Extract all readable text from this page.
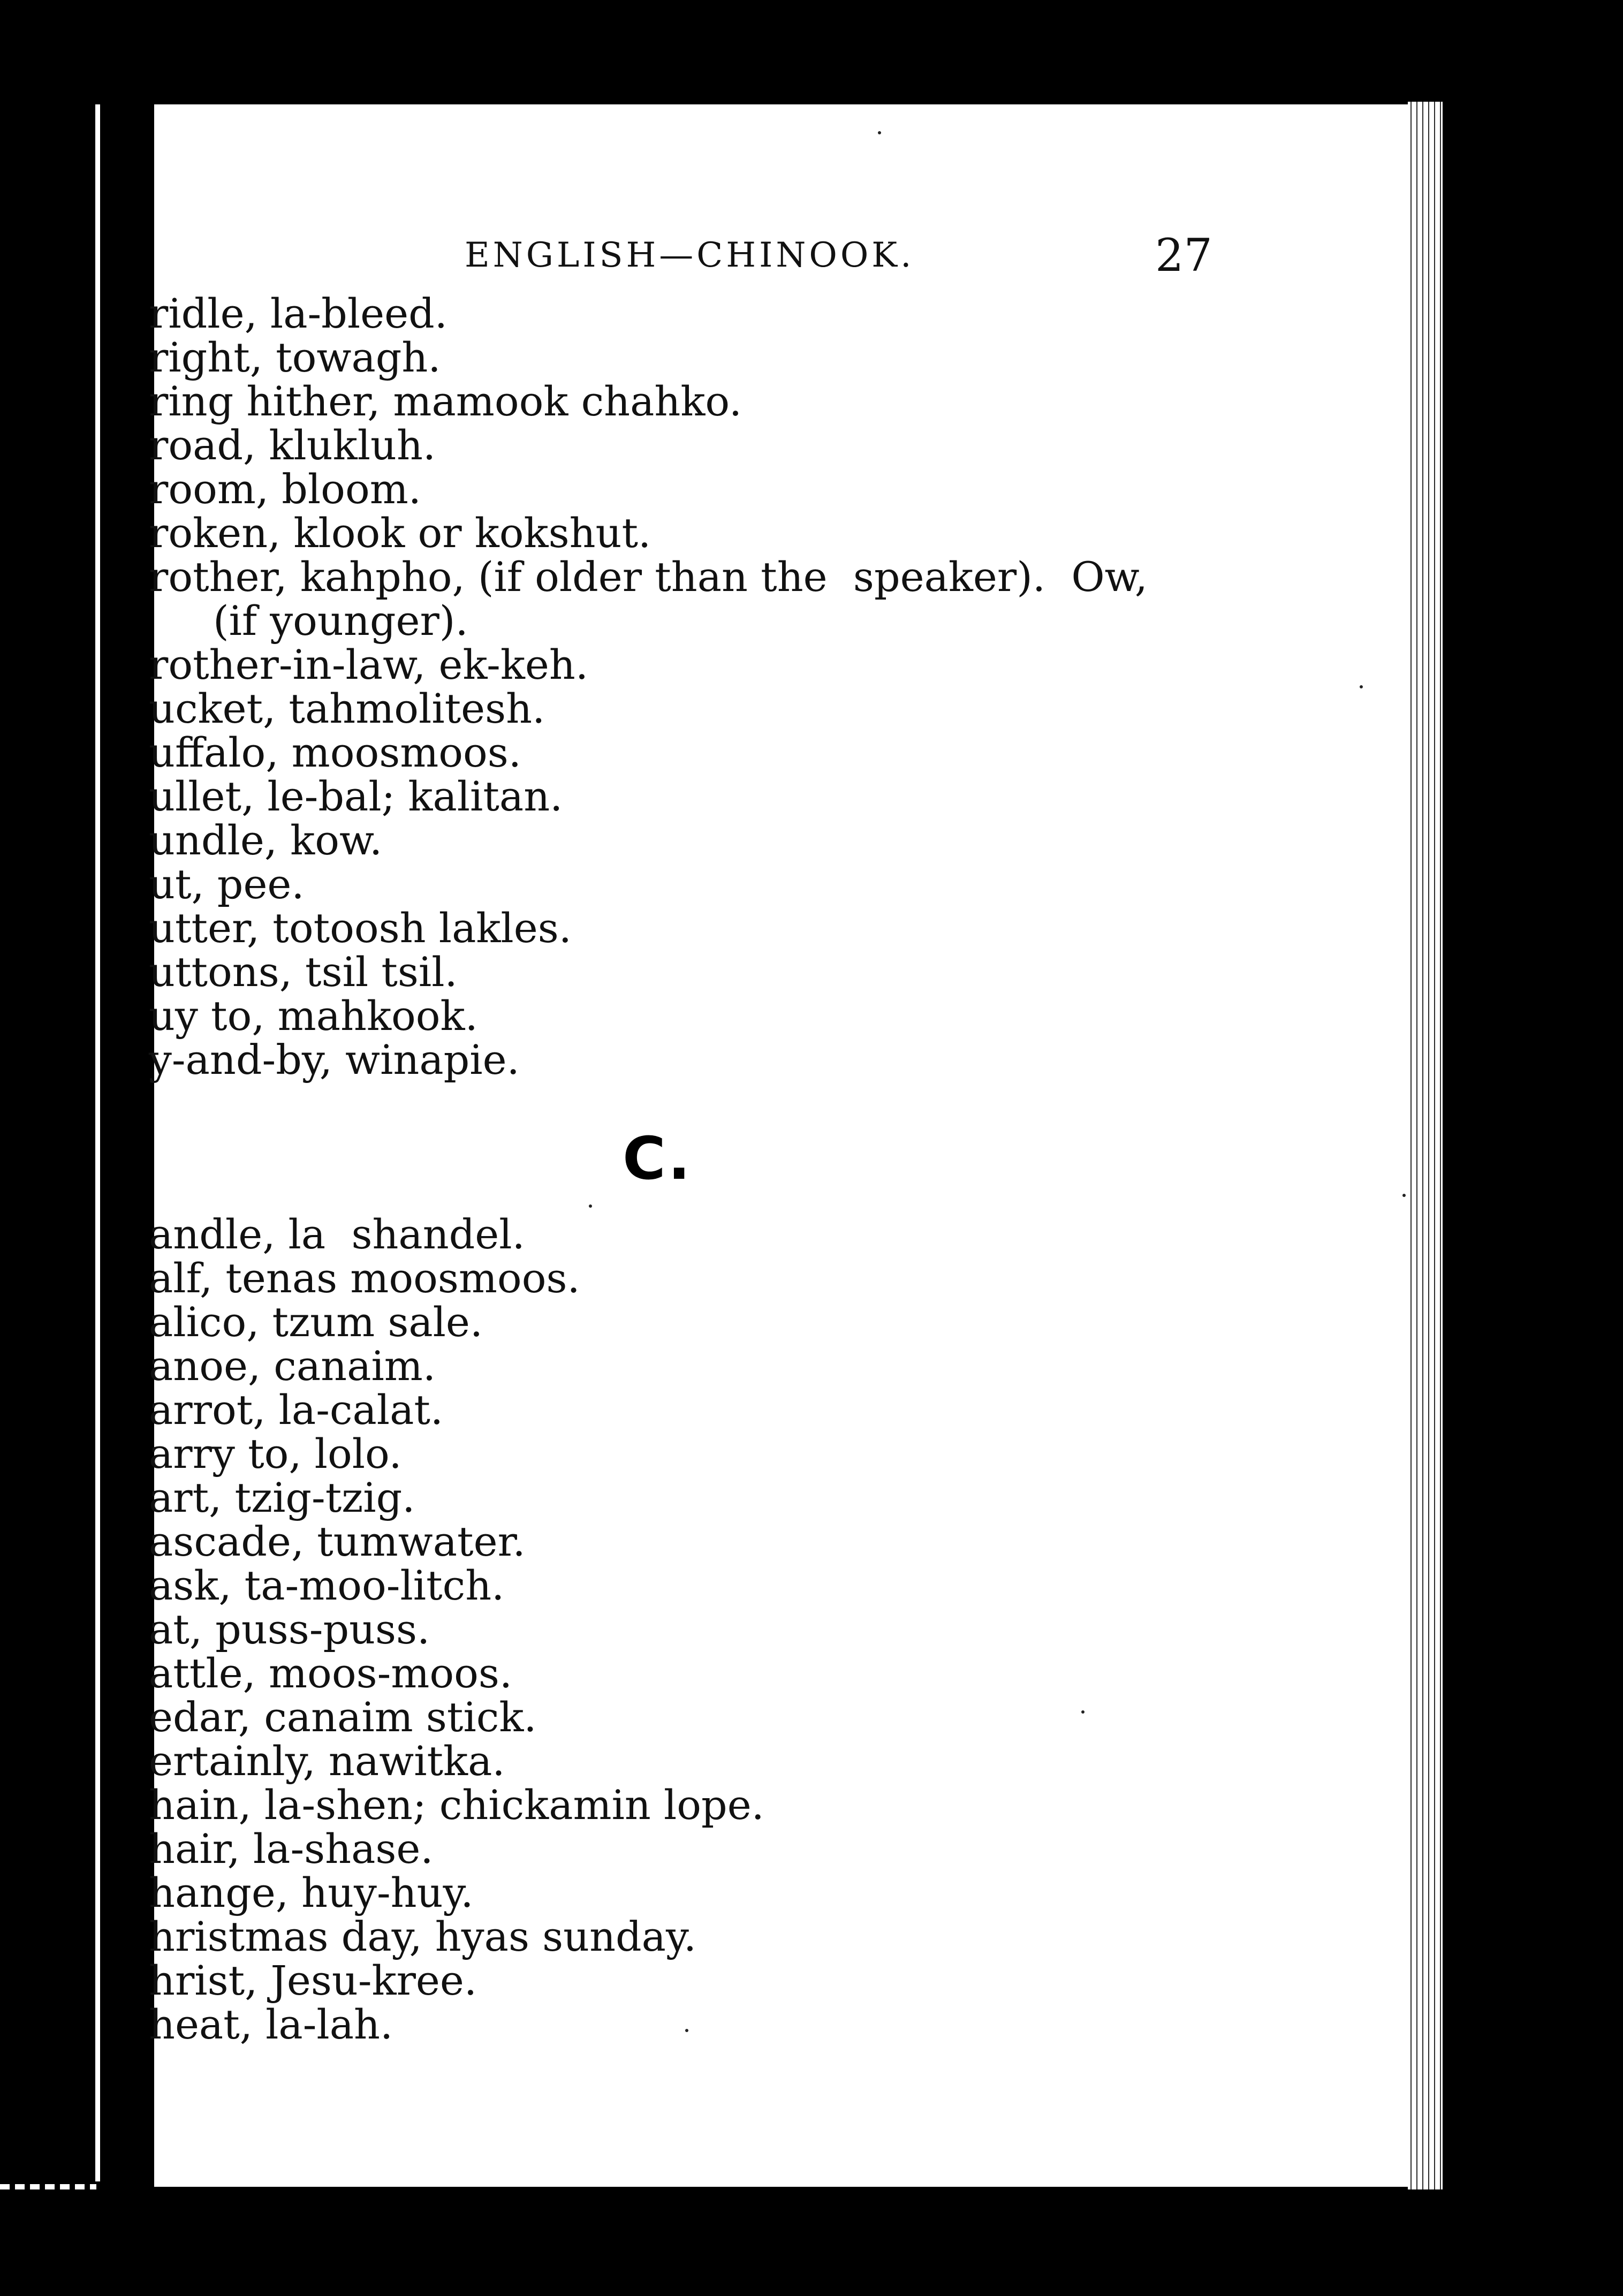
ENGLISH—CHINOOK.	27
ridle, la-bleed.
right, towagh.
ring hither, mamook chahko.
road, klukluh.
room, bloom.
roken, klook or kokshut.
rother, kahpho, (if older than the  speaker).  Ow,
(if younger).
rother-in-law, ek-keh.
ucket, tahmolitesh.
uffalo, moosmoos.
ullet, le-bal; kalitan.
undle, kow.
ut, pee.
utter, totoosh lakles.
uttons, tsil tsil.
uy to, mahkook.
y-and-by, winapie.
C.
andle, la  shandel.
alf, tenas moosmoos.
alico, tzum sale.
anoe, canaim.
arrot, la-calat.
arry to, lolo.
art, tzig-tzig.
ascade, tumwater.
ask, ta-moo-litch.
at, puss-puss.
attle, moos-moos.
edar, canaim stick.
ertainly, nawitka.
hain, la-shen; chickamin lope.
hair, la-shase.
hange, huy-huy.
hristmas day, hyas sunday.
hrist, Jesu-kree.
heat, la-lah.
